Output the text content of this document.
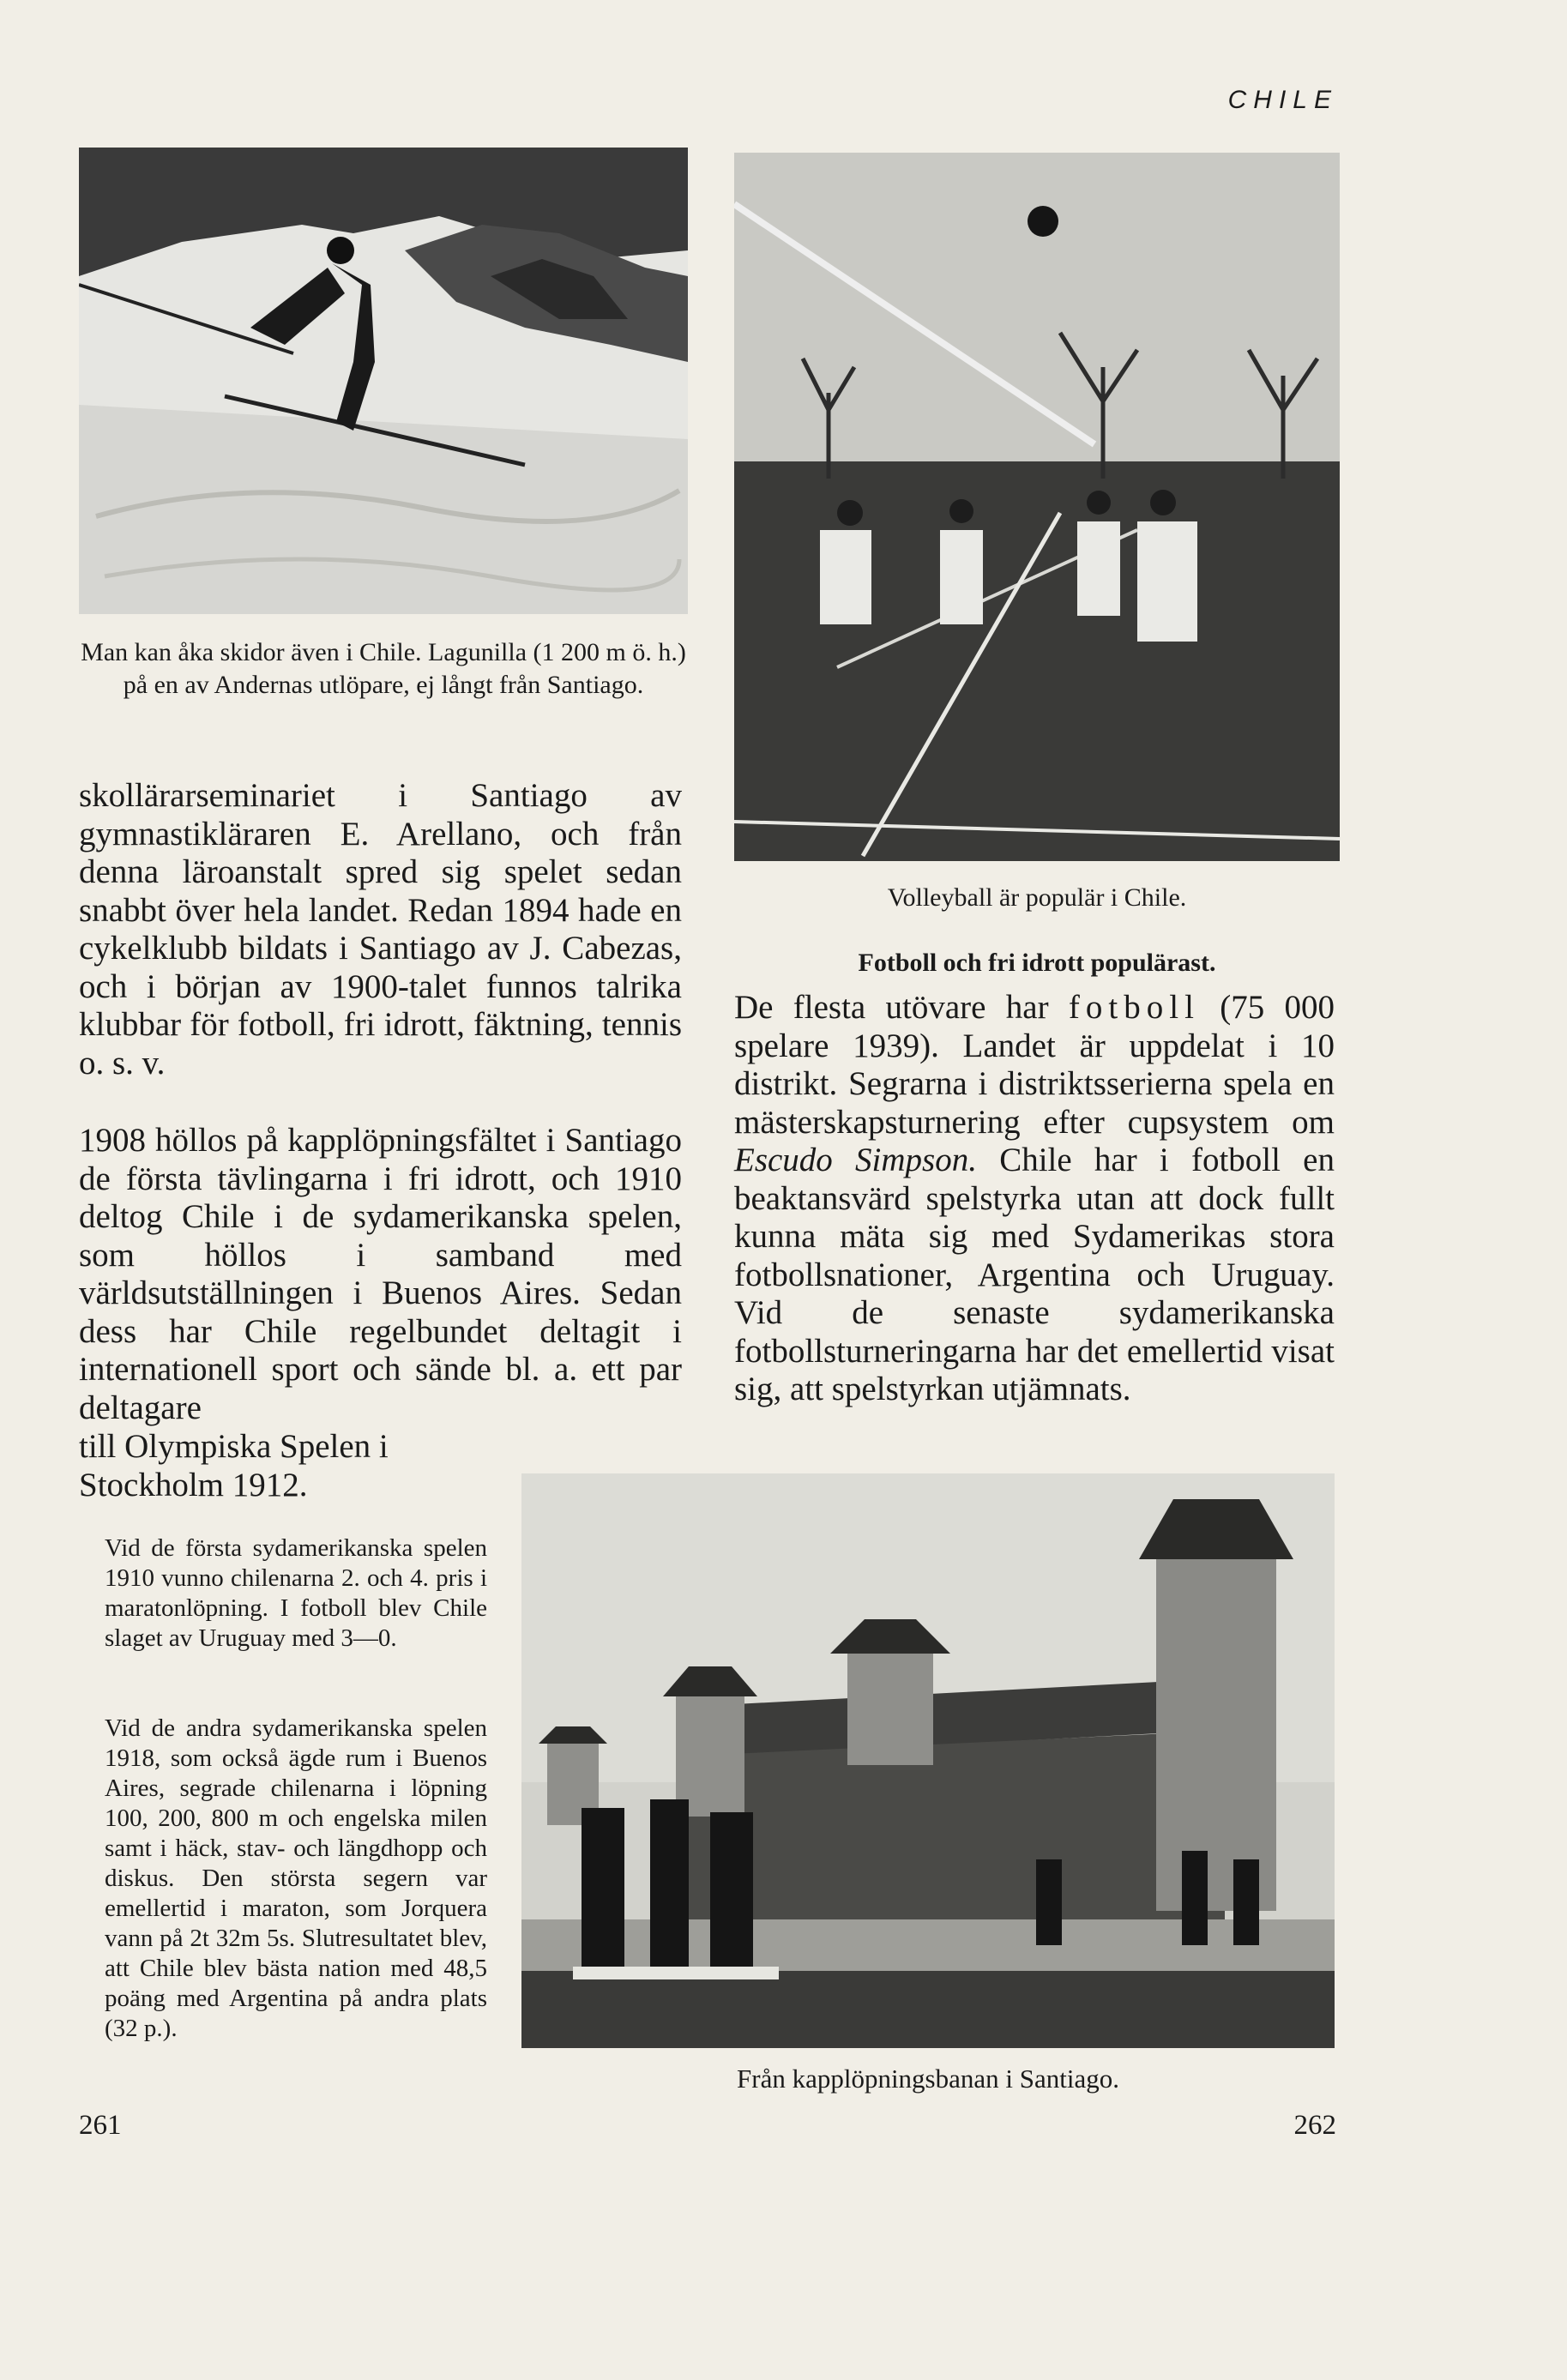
CHILE
Man kan åka skidor även i Chile. Lagunilla (1 200 m ö. h.) på en av Andernas utlöpare, ej långt från Santiago.
Volleyball är populär i Chile.

skollärarseminariet i Santiago av gymnastikläraren E. Arellano, och från denna läroanstalt spred sig spelet sedan snabbt över hela landet. Redan 1894 hade en cykelklubb bildats i Santiago av J. Cabezas, och i början av 1900-talet funnos talrika klubbar för fotboll, fri idrott, fäktning, tennis o. s. v.

1908 höllos på kapplöpningsfältet i Santiago de första tävlingarna i fri idrott, och 1910 deltog Chile i de sydamerikanska spelen, som höllos i samband med världsutställningen i Buenos Aires. Sedan dess har Chile regelbundet deltagit i internationell sport och sände bl. a. ett par deltagare

till Olympiska Spelen i Stockholm 1912.

Vid de första sydamerikanska spelen 1910 vunno chilenarna 2. och 4. pris i maratonlöpning. I fotboll blev Chile slaget av Uruguay med 3—0.

Vid de andra sydamerikanska spelen 1918, som också ägde rum i Buenos Aires, segrade chilenarna i löpning 100, 200, 800 m och engelska milen samt i häck, stav- och längdhopp och diskus. Den största segern var emellertid i maraton, som Jorquera vann på 2t 32m 5s. Slutresultatet blev, att Chile blev bästa nation med 48,5 poäng med Argentina på andra plats (32 p.).

Fotboll och fri idrott populärast.

De flesta utövare har fotboll (75 000 spelare 1939). Landet är uppdelat i 10 distrikt. Segrarna i distriktsserierna spela en mästerskapsturnering efter cupsystem om Escudo Simpson. Chile har i fotboll en beaktansvärd spelstyrka utan att dock fullt kunna mäta sig med Sydamerikas stora fotbollsnationer, Argentina och Uruguay. Vid de senaste sydamerikanska fotbollsturneringarna har det emellertid visat sig, att spelstyrkan utjämnats.

Från kapplöpningsbanan i Santiago.
261	262
